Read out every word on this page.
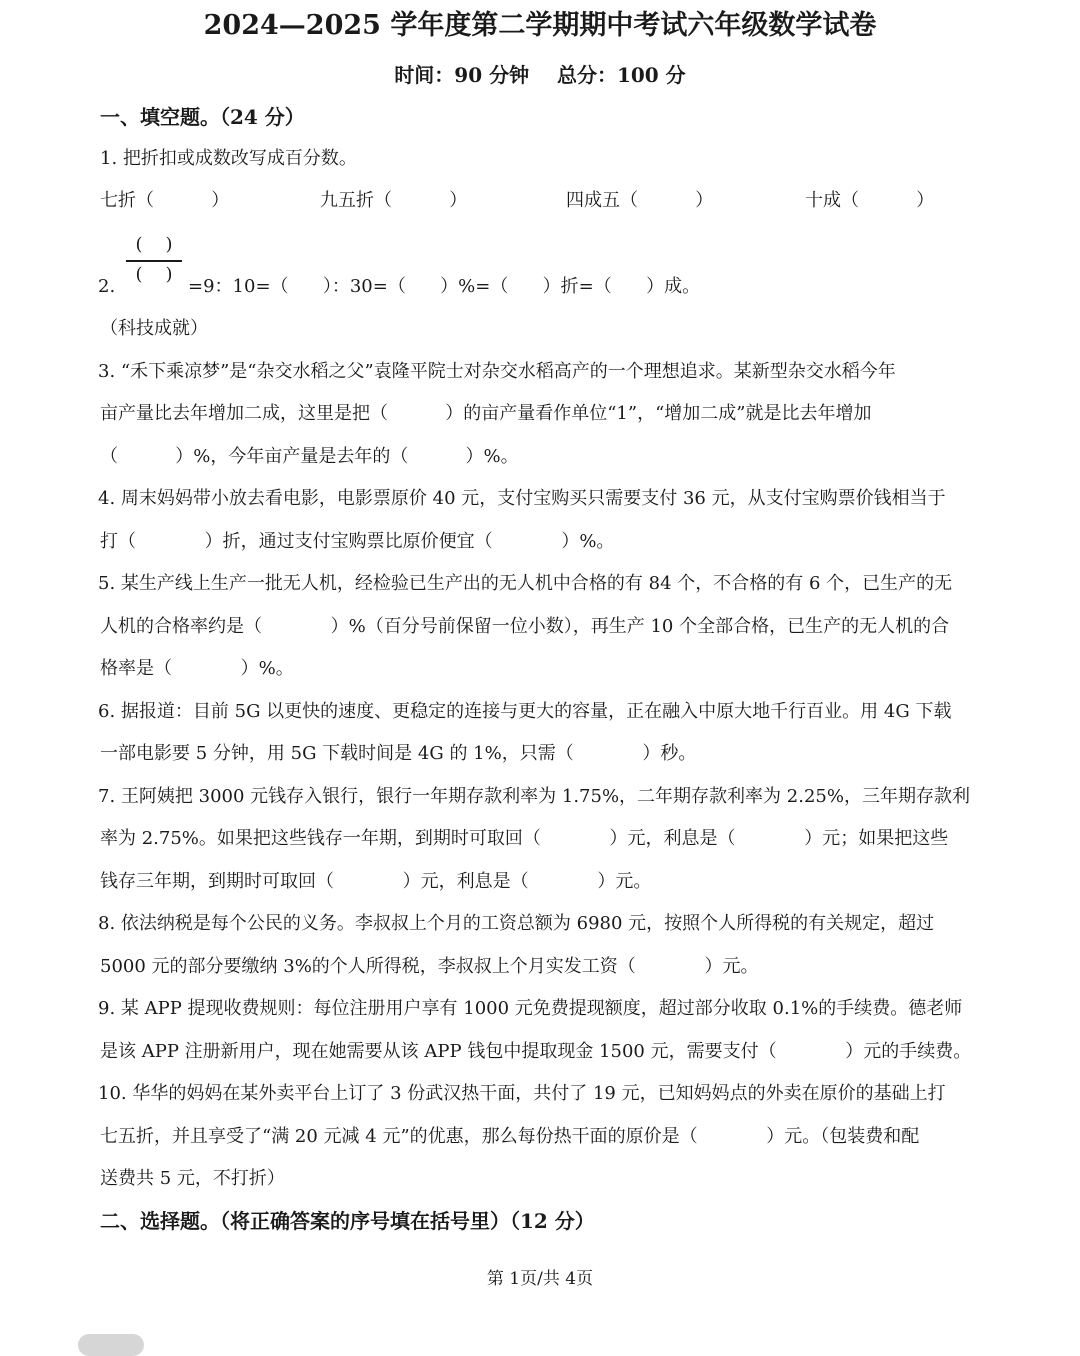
2024—2025 学年度第二学期期中考试六年级数学试卷
时间：90 分钟    总分：100 分
一、填空题。（24 分）
1. 把折扣或成数改写成百分数。
七折（          ）	九五折（          ）	四成五（          ）	十成（          ）
(    )
(    )
2.	=9：10=（      ）：30=（      ）%=（      ）折=（      ）成。
（科技成就）
3. “禾下乘凉梦”是“杂交水稻之父”袁隆平院士对杂交水稻高产的一个理想追求。某新型杂交水稻今年
亩产量比去年增加二成，这里是把（          ）的亩产量看作单位“1”，“增加二成”就是比去年增加
（          ）%，今年亩产量是去年的（          ）%。
4. 周末妈妈带小放去看电影，电影票原价 40 元，支付宝购买只需要支付 36 元，从支付宝购票价钱相当于
打（            ）折，通过支付宝购票比原价便宜（            ）%。
5. 某生产线上生产一批无人机，经检验已生产出的无人机中合格的有 84 个，不合格的有 6 个，已生产的无
人机的合格率约是（            ）%（百分号前保留一位小数），再生产 10 个全部合格，已生产的无人机的合
格率是（            ）%。
6. 据报道：目前 5G 以更快的速度、更稳定的连接与更大的容量，正在融入中原大地千行百业。用 4G 下载
一部电影要 5 分钟，用 5G 下载时间是 4G 的 1%，只需（            ）秒。
7. 王阿姨把 3000 元钱存入银行，银行一年期存款利率为 1.75%，二年期存款利率为 2.25%，三年期存款利
率为 2.75%。如果把这些钱存一年期，到期时可取回（            ）元，利息是（            ）元；如果把这些
钱存三年期，到期时可取回（            ）元，利息是（            ）元。
8. 依法纳税是每个公民的义务。李叔叔上个月的工资总额为 6980 元，按照个人所得税的有关规定，超过
5000 元的部分要缴纳 3%的个人所得税，李叔叔上个月实发工资（            ）元。
9. 某 APP 提现收费规则：每位注册用户享有 1000 元免费提现额度，超过部分收取 0.1%的手续费。德老师
是该 APP 注册新用户，现在她需要从该 APP 钱包中提取现金 1500 元，需要支付（            ）元的手续费。
10. 华华的妈妈在某外卖平台上订了 3 份武汉热干面，共付了 19 元，已知妈妈点的外卖在原价的基础上打
七五折，并且享受了“满 20 元减 4 元”的优惠，那么每份热干面的原价是（            ）元。（包装费和配
送费共 5 元，不打折）
二、选择题。（将正确答案的序号填在括号里）（12 分）
第 1页/共 4页
